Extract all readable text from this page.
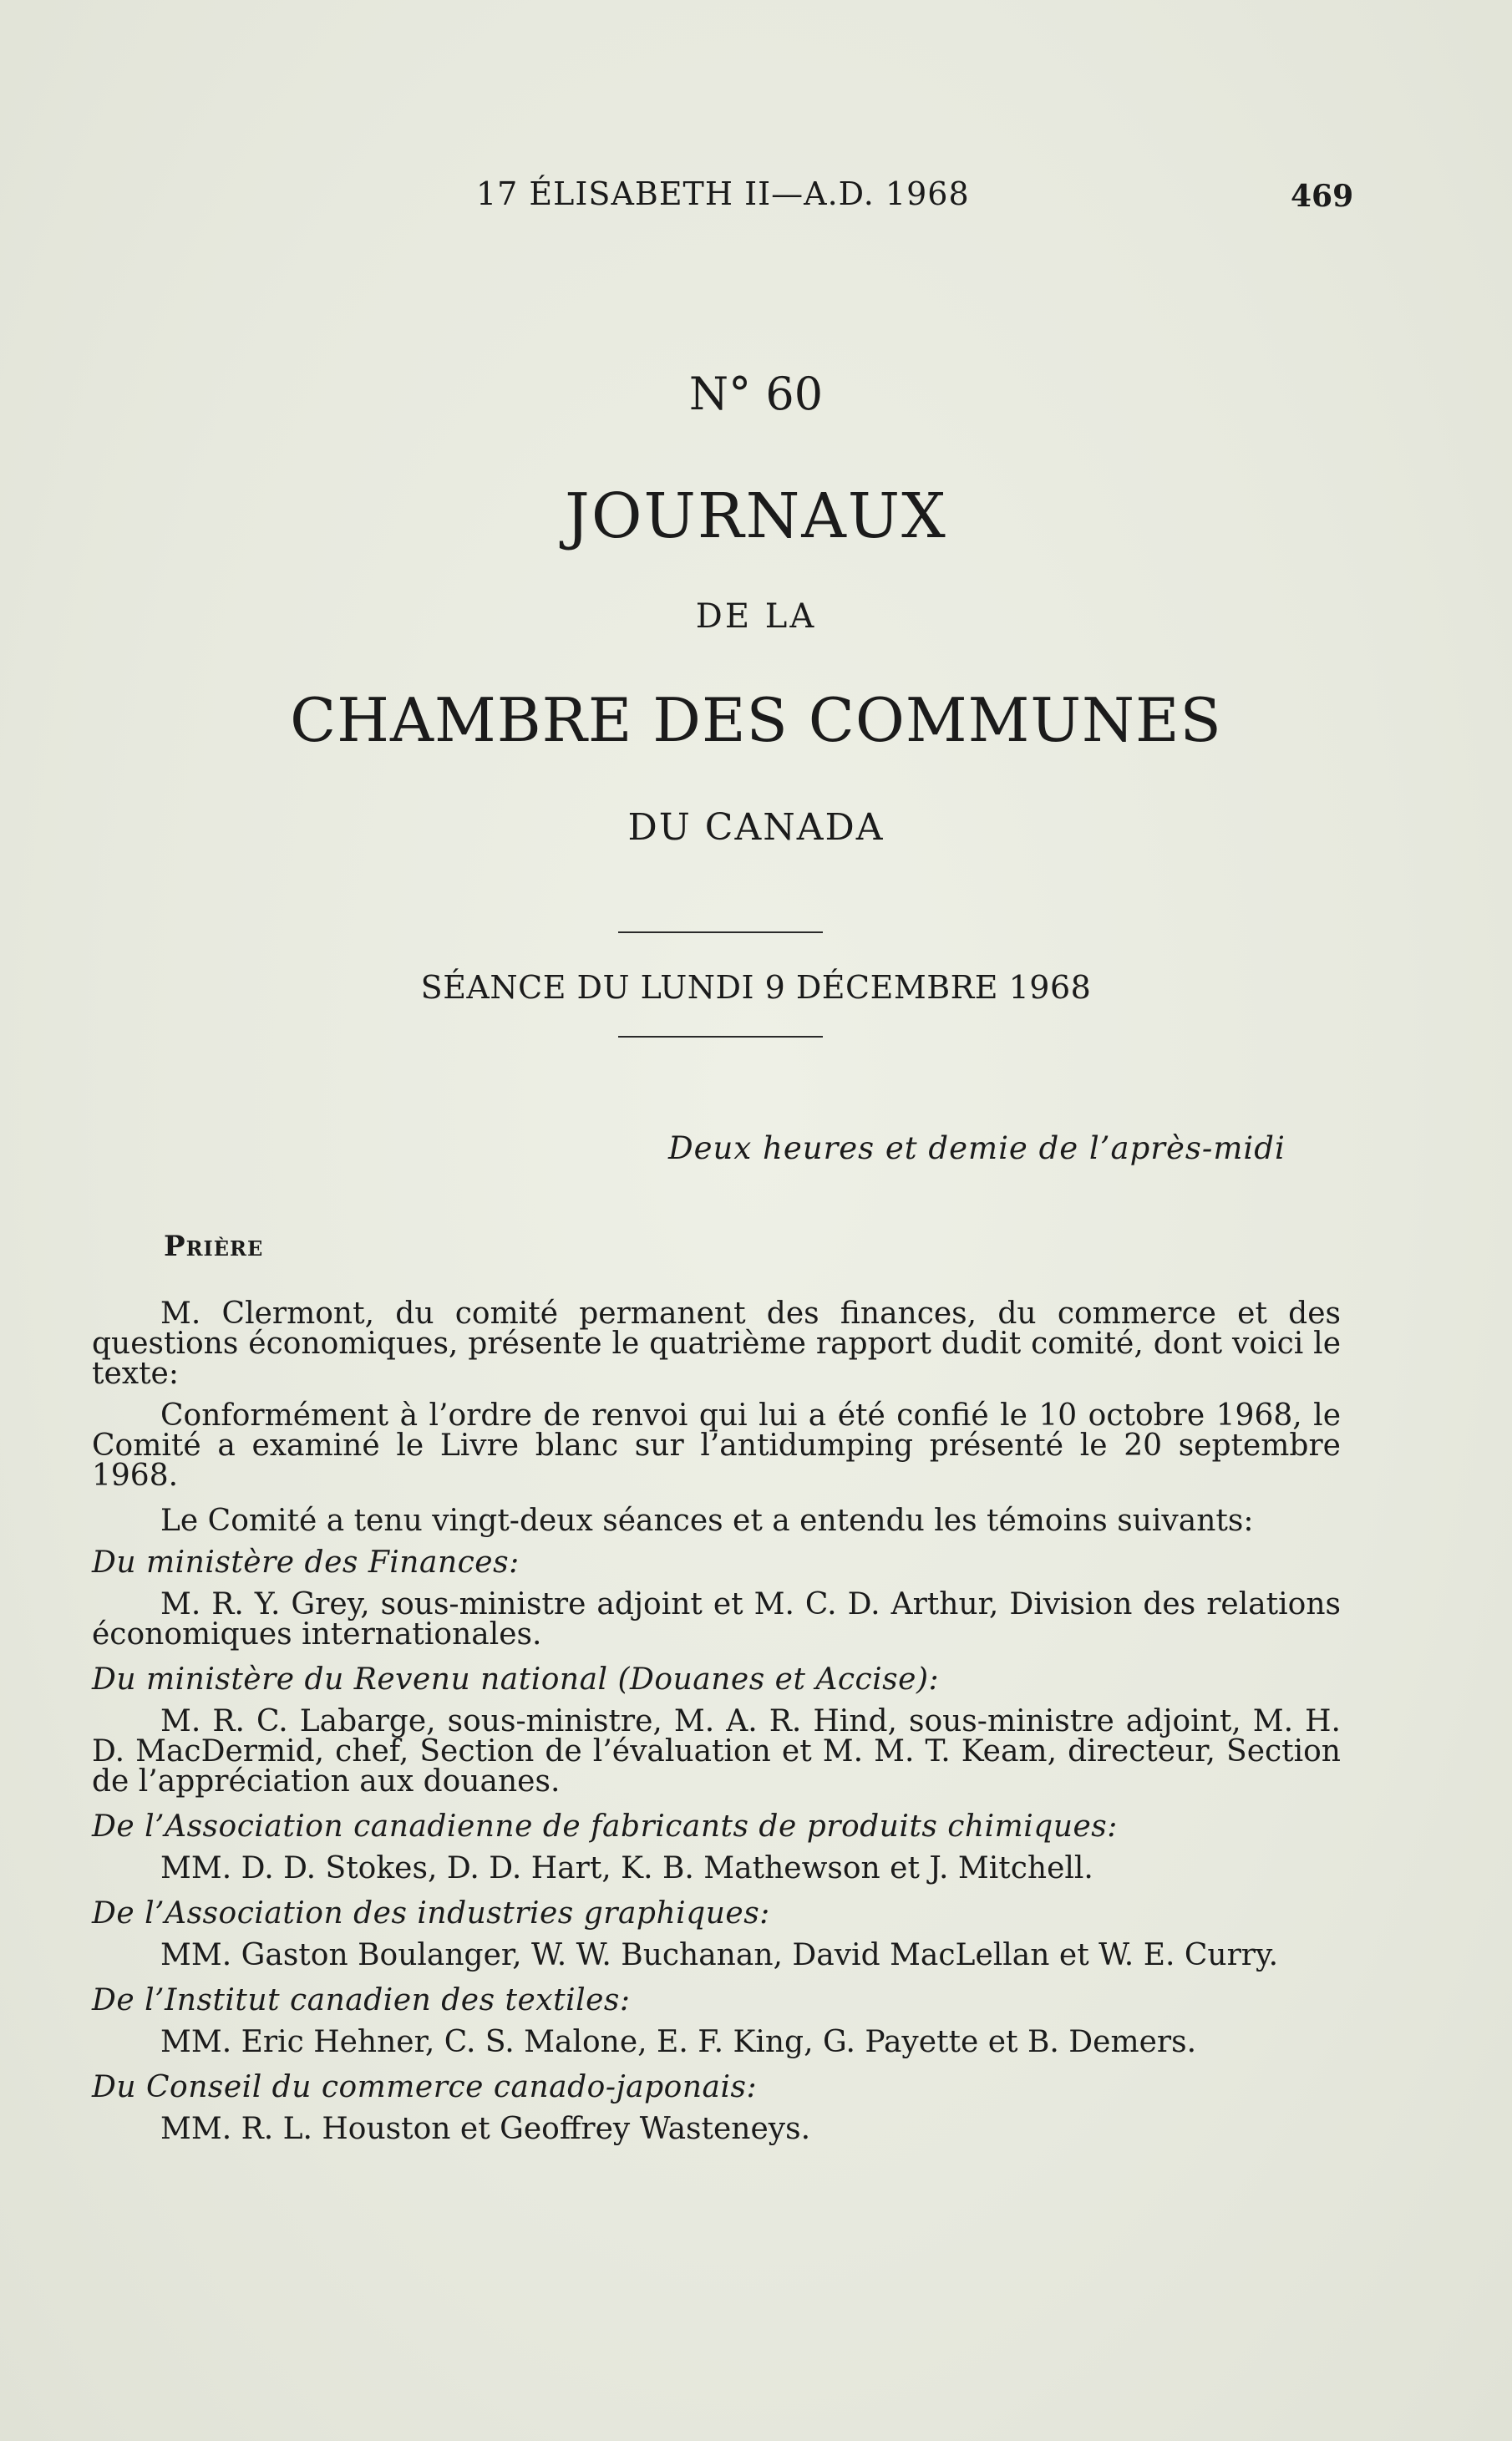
17 ÉLISABETH II—A.D. 1968	469
N° 60
JOURNAUX
DE LA
CHAMBRE DES COMMUNES
DU CANADA
SÉANCE DU LUNDI 9 DÉCEMBRE 1968
Deux heures et demie de l’après-midi
Prière

M. Clermont, du comité permanent des finances, du commerce et des questions économiques, présente le quatrième rapport dudit comité, dont voici le texte:

Conformément à l’ordre de renvoi qui lui a été confié le 10 octobre 1968, le Comité a examiné le Livre blanc sur l’antidumping présenté le 20 septembre 1968.

Le Comité a tenu vingt-deux séances et a entendu les témoins suivants:

Du ministère des Finances:

M. R. Y. Grey, sous-ministre adjoint et M. C. D. Arthur, Division des relations économiques internationales.

Du ministère du Revenu national (Douanes et Accise):

M. R. C. Labarge, sous-ministre, M. A. R. Hind, sous-ministre adjoint, M. H. D. MacDermid, chef, Section de l’évaluation et M. M. T. Keam, directeur, Section de l’appréciation aux douanes.

De l’Association canadienne de fabricants de produits chimiques:

MM. D. D. Stokes, D. D. Hart, K. B. Mathewson et J. Mitchell.

De l’Association des industries graphiques:

MM. Gaston Boulanger, W. W. Buchanan, David MacLellan et W. E. Curry.

De l’Institut canadien des textiles:

MM. Eric Hehner, C. S. Malone, E. F. King, G. Payette et B. Demers.

Du Conseil du commerce canado-japonais:

MM. R. L. Houston et Geoffrey Wasteneys.
